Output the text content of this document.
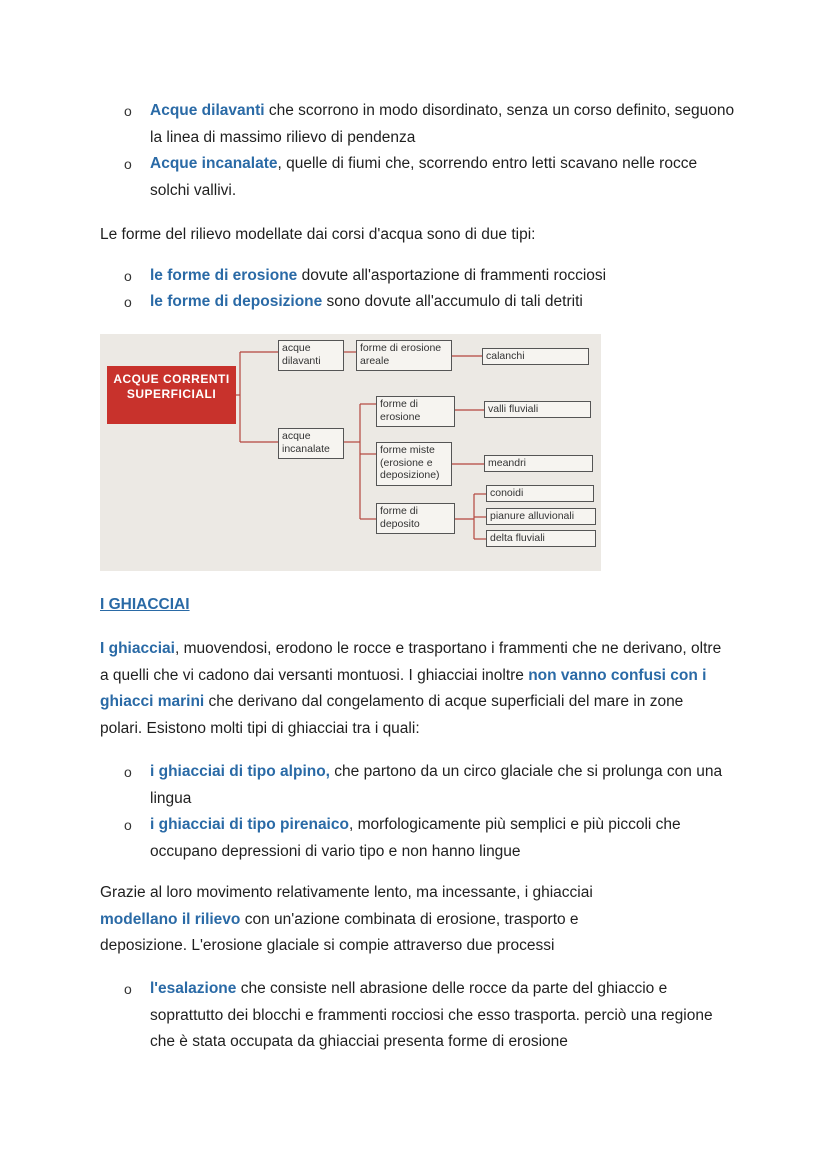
o Acque dilavanti che scorrono in modo disordinato, senza un corso definito, seguono la linea di massimo rilievo di pendenza
o Acque incanalate, quelle di fiumi che, scorrendo entro letti scavano nelle rocce solchi vallivi.
Le forme del rilievo modellate dai corsi d'acqua sono di due tipi:
o le forme di erosione dovute all'asportazione di frammenti rocciosi
o le forme di deposizione sono dovute all'accumulo di tali detriti
ACQUE CORRENTI SUPERFICIALI
acque dilavanti
acque incanalate
forme di erosione areale
forme di erosione
forme miste (erosione e deposizione)
forme di deposito
calanchi
valli fluviali
meandri
conoidi
pianure alluvionali
delta fluviali
I GHIACCIAI
I ghiacciai, muovendosi, erodono le rocce e trasportano i frammenti che ne derivano, oltre a quelli che vi cadono dai versanti montuosi. I ghiacciai inoltre non vanno confusi con i ghiacci marini che derivano dal congelamento di acque superficiali del mare in zone polari. Esistono molti tipi di ghiacciai tra i quali:
o i ghiacciai di tipo alpino, che partono da un circo glaciale che si prolunga con una lingua
o i ghiacciai di tipo pirenaico, morfologicamente più semplici e più piccoli che occupano depressioni di vario tipo e non hanno lingue
Grazie al loro movimento relativamente lento, ma incessante, i ghiacciai modellano il rilievo con un'azione combinata di erosione, trasporto e deposizione. L'erosione glaciale si compie attraverso due processi
o l'esalazione che consiste nell abrasione delle rocce da parte del ghiaccio e soprattutto dei blocchi e frammenti rocciosi che esso trasporta. perciò una regione che è stata occupata da ghiacciai presenta forme di erosione
